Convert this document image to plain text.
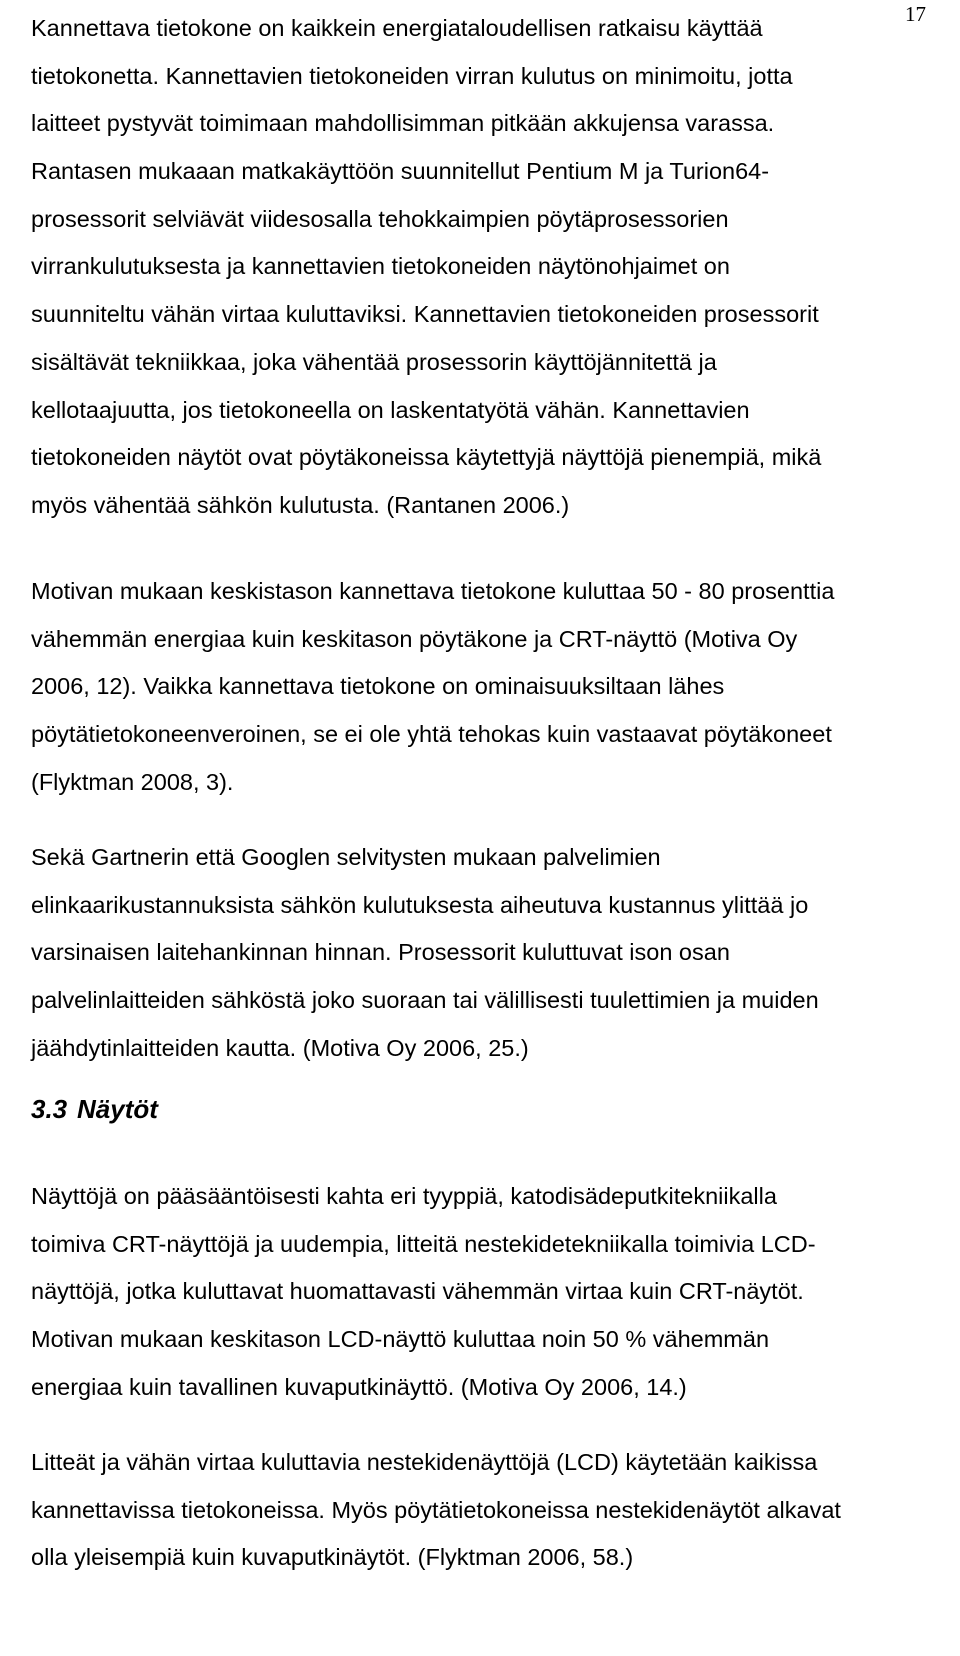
17

Kannettava tietokone on kaikkein energiataloudellisen ratkaisu käyttää
tietokonetta. Kannettavien tietokoneiden virran kulutus on minimoitu, jotta
laitteet pystyvät toimimaan mahdollisimman pitkään akkujensa varassa.
Rantasen mukaaan matkakäyttöön suunnitellut Pentium M ja Turion64-
prosessorit selviävät viidesosalla tehokkaimpien pöytäprosessorien
virrankulutuksesta ja kannettavien tietokoneiden näytönohjaimet on
suunniteltu vähän virtaa kuluttaviksi. Kannettavien tietokoneiden prosessorit
sisältävät tekniikkaa, joka vähentää prosessorin käyttöjännitettä ja
kellotaajuutta, jos tietokoneella on laskentatyötä vähän. Kannettavien
tietokoneiden näytöt ovat pöytäkoneissa käytettyjä näyttöjä pienempiä, mikä
myös vähentää sähkön kulutusta. (Rantanen 2006.)

Motivan mukaan keskistason kannettava tietokone kuluttaa 50 - 80 prosenttia
vähemmän energiaa kuin keskitason pöytäkone ja CRT-näyttö (Motiva Oy
2006, 12). Vaikka kannettava tietokone on ominaisuuksiltaan lähes
pöytätietokoneenveroinen, se ei ole yhtä tehokas kuin vastaavat pöytäkoneet
(Flyktman 2008, 3).

Sekä Gartnerin että Googlen selvitysten mukaan palvelimien
elinkaarikustannuksista sähkön kulutuksesta aiheutuva kustannus ylittää jo
varsinaisen laitehankinnan hinnan. Prosessorit kuluttuvat ison osan
palvelinlaitteiden sähköstä joko suoraan tai välillisesti tuulettimien ja muiden
jäähdytinlaitteiden kautta. (Motiva Oy 2006, 25.)

3.3 Näytöt

Näyttöjä on pääsääntöisesti kahta eri tyyppiä, katodisädeputkitekniikalla
toimiva CRT-näyttöjä ja uudempia, litteitä nestekidetekniikalla toimivia LCD-
näyttöjä, jotka kuluttavat huomattavasti vähemmän virtaa kuin CRT-näytöt.
Motivan mukaan keskitason LCD-näyttö kuluttaa noin 50 % vähemmän
energiaa kuin tavallinen kuvaputkinäyttö. (Motiva Oy 2006, 14.)

Litteät ja vähän virtaa kuluttavia nestekidenäyttöjä (LCD) käytetään kaikissa
kannettavissa tietokoneissa. Myös pöytätietokoneissa nestekidenäytöt alkavat
olla yleisempiä kuin kuvaputkinäytöt. (Flyktman 2006, 58.)
